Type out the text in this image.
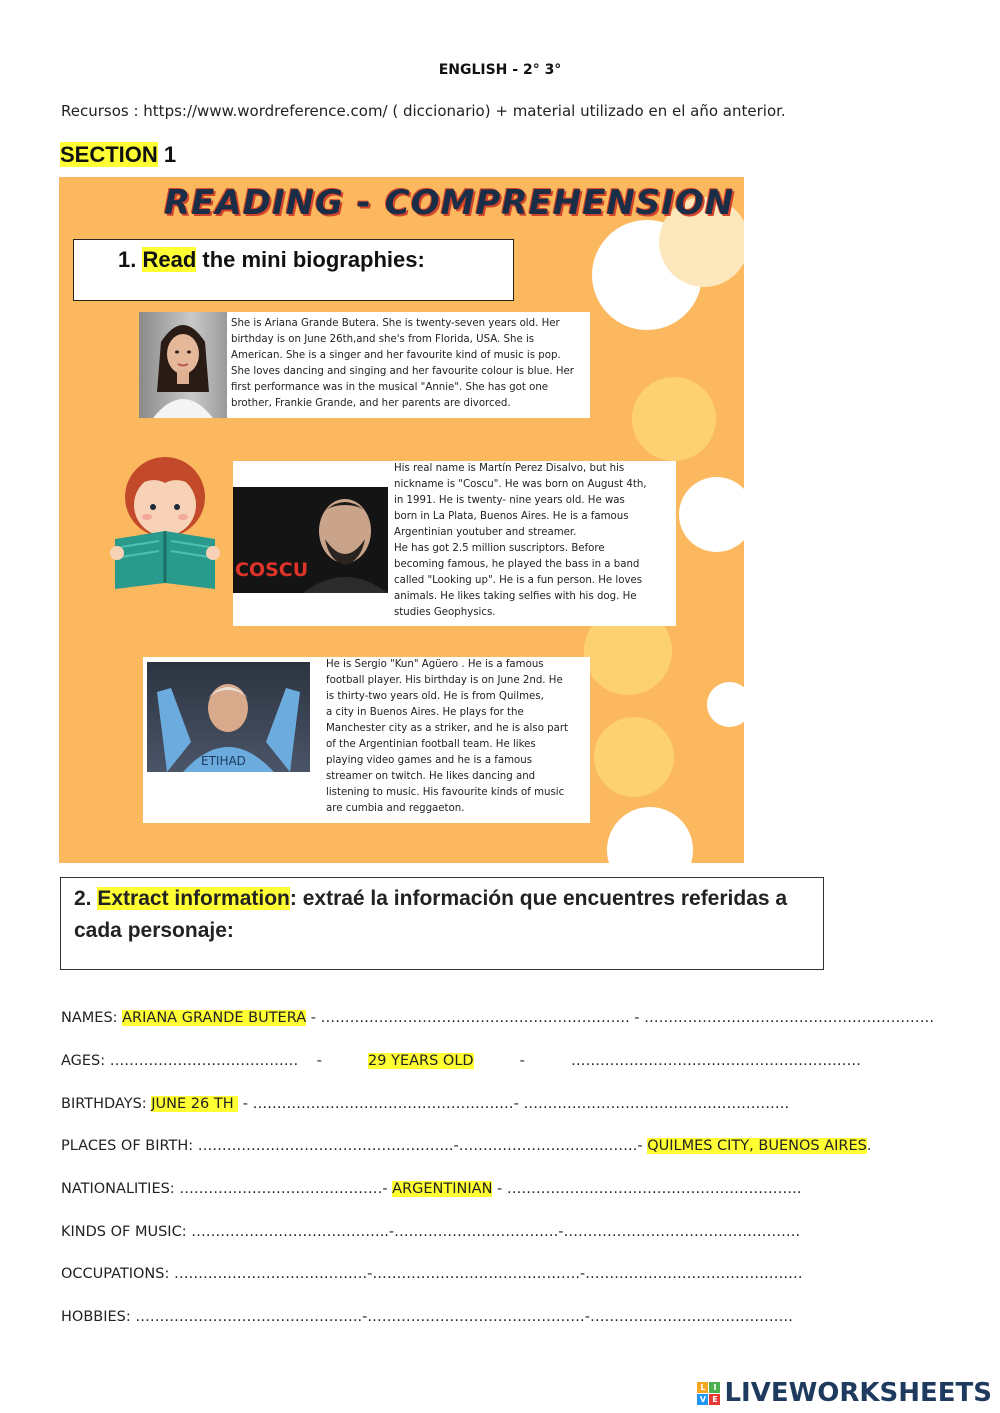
ENGLISH - 2° 3°
Recursos : https://www.wordreference.com/ ( diccionario) + material utilizado en el año anterior.
SECTION 1
READING - COMPREHENSION
1. Read the mini biographies:
She is Ariana Grande Butera. She is twenty-seven years old. Her
birthday is on June 26th,and she's from Florida, USA. She is
American. She is a singer and her favourite kind of music is pop.
She loves dancing and singing and her favourite colour is blue. Her
first performance was in the musical "Annie". She has got one
brother, Frankie Grande, and her parents are divorced.
COSCU
His real name is Martín Perez Disalvo, but his
nickname is "Coscu". He was born on August 4th,
in 1991. He is twenty- nine years old. He was
born in La Plata, Buenos Aires. He is a famous
Argentinian youtuber and streamer.
He has got 2.5 million suscriptors. Before
becoming famous, he played the bass in a band
called "Looking up". He is a fun person. He loves
animals. He likes taking selfies with his dog. He
studies Geophysics.
ETIHAD
He is Sergio "Kun" Agüero . He is a famous
football player. His birthday is on June 2nd. He
is thirty-two years old. He is from Quilmes,
a city in Buenos Aires. He plays for the
Manchester city as a striker, and he is also part
of the Argentinian football team. He likes
playing video games and he is a famous
streamer on twitch. He likes dancing and
listening to music. His favourite kinds of music
are cumbia and reggaeton.
2. Extract information: extraé la información que encuentres referidas a cada personaje:
NAMES: ARIANA GRANDE BUTERA - ………………………………………………………. - ……………………………………………………
AGES: …………………………………    -          29 YEARS OLD          -          ……………………………………………………
BIRTHDAYS: JUNE 26 TH  - ………………………………………………- ……………………………………………….
PLACES OF BIRTH: ……………………………………………..-……………………………….- QUILMES CITY, BUENOS AIRES.
NATIONALITIES: ……………………………………- ARGENTINIAN - …………………………………………………….
KINDS OF MUSIC: …………………………………..-…………………………….-………………………………………….
OCCUPATIONS: ………………………………….-…………………………………….-………………………………………
HOBBIES: ………………………………………..-………………………………………-……………………………………
L I
V E LIVEWORKSHEETS
